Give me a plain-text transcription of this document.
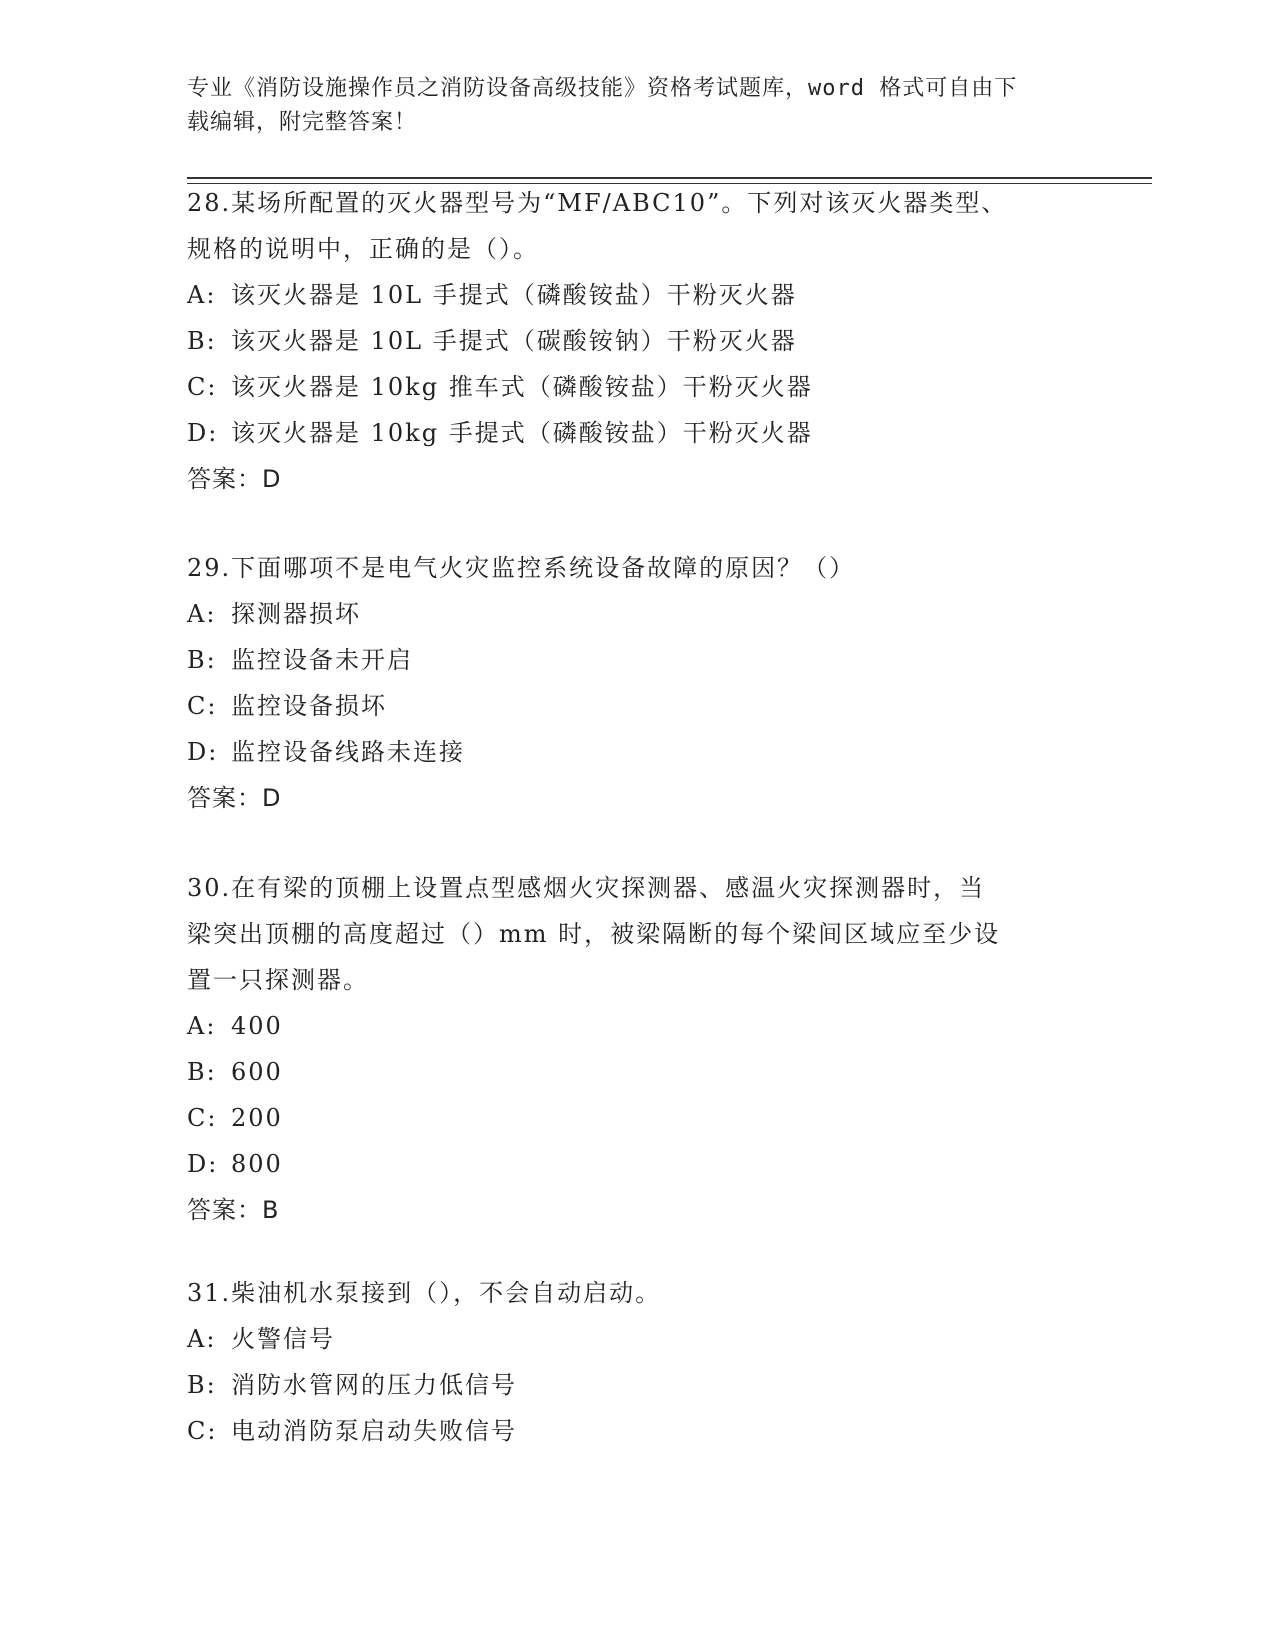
专业《消防设施操作员之消防设备高级技能》资格考试题库，word 格式可自由下
载编辑，附完整答案！
28.某场所配置的灭火器型号为“MF/ABC10”。下列对该灭火器类型、
规格的说明中，正确的是（）。
A: 该灭火器是 10L 手提式（磷酸铵盐）干粉灭火器
B: 该灭火器是 10L 手提式（碳酸铵钠）干粉灭火器
C: 该灭火器是 10kg 推车式（磷酸铵盐）干粉灭火器
D: 该灭火器是 10kg 手提式（磷酸铵盐）干粉灭火器
答案：D
29.下面哪项不是电气火灾监控系统设备故障的原因？（）
A: 探测器损坏
B: 监控设备未开启
C: 监控设备损坏
D: 监控设备线路未连接
答案：D
30.在有梁的顶棚上设置点型感烟火灾探测器、感温火灾探测器时，当
梁突出顶棚的高度超过（）mm 时，被梁隔断的每个梁间区域应至少设
置一只探测器。
A: 400
B: 600
C: 200
D: 800
答案：B
31.柴油机水泵接到（），不会自动启动。
A: 火警信号
B: 消防水管网的压力低信号
C: 电动消防泵启动失败信号
